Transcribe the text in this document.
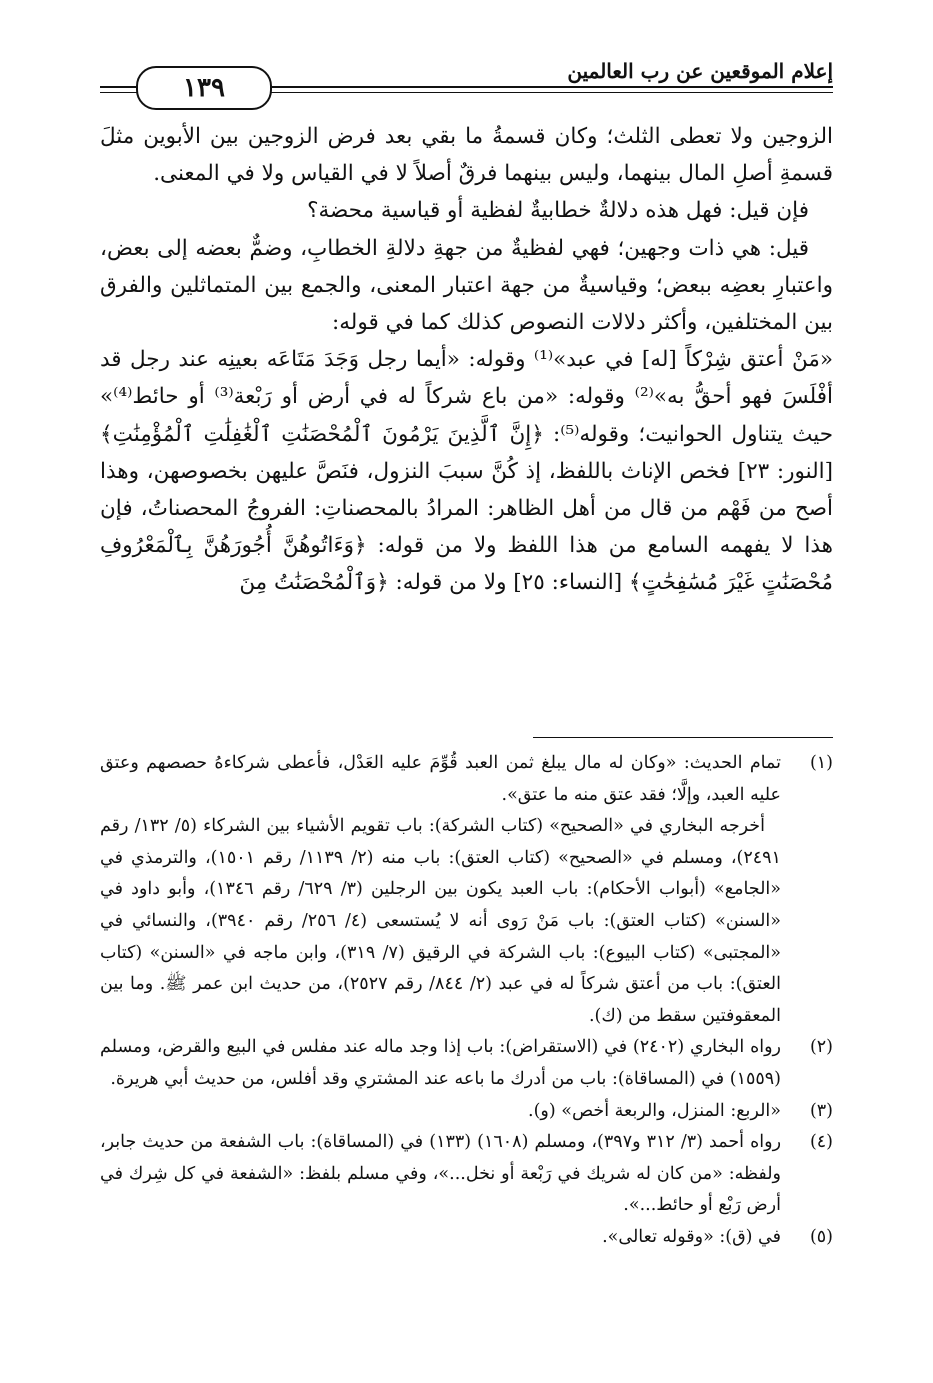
إعلام الموقعين عن رب العالمين
١٣٩

الزوجين ولا تعطى الثلث؛ وكان قسمةُ ما بقي بعد فرض الزوجين بين الأبوين مثلَ قسمةِ أصلِ المال بينهما، وليس بينهما فرقٌ أصلاً لا في القياس ولا في المعنى.

فإن قيل: فهل هذه دلالةٌ خطابيةٌ لفظية أو قياسية محضة؟

قيل: هي ذات وجهين؛ فهي لفظيةٌ من جهةِ دلالةِ الخطابِ، وضمٌّ بعضه إلى بعض، واعتبارِ بعضِه ببعض؛ وقياسيةٌ من جهة اعتبار المعنى، والجمع بين المتماثلين والفرق بين المختلفين، وأكثر دلالات النصوص كذلك كما في قوله:

«مَنْ أعتق شِرْكاً [له] في عبد»⁽¹⁾ وقوله: «أيما رجل وَجَدَ مَتَاعَه بعينِه عند رجل قد أفْلَسَ فهو أحقُّ به»⁽²⁾ وقوله: «من باع شركاً له في أرض أو رَبْعة⁽³⁾ أو حائط⁽⁴⁾» حيث يتناول الحوانيت؛ وقوله⁽⁵⁾: ﴿إِنَّ ٱلَّذِينَ يَرْمُونَ ٱلْمُحْصَنَٰتِ ٱلْغَٰفِلَٰتِ ٱلْمُؤْمِنَٰتِ﴾ [النور: ٢٣] فخص الإناث باللفظ، إذ كُنَّ سببَ النزول، فنَصَّ عليهن بخصوصهن، وهذا أصح من فَهْم من قال من أهل الظاهر: المرادُ بالمحصناتِ: الفروجُ المحصناتُ، فإن هذا لا يفهمه السامع من هذا اللفظ ولا من قوله: ﴿وَءَاتُوهُنَّ أُجُورَهُنَّ بِٱلْمَعْرُوفِ مُحْصَنَٰتٍ غَيْرَ مُسَٰفِحَٰتٍ﴾ [النساء: ٢٥] ولا من قوله: ﴿وَٱلْمُحْصَنَٰتُ مِنَ

(١)

تمام الحديث: «وكان له مال يبلغ ثمن العبد قُوِّمَ عليه العَدْل، فأعطى شركاءهُ حصصهم وعتق عليه العبد، وإلَّا؛ فقد عتق منه ما عتق».

أخرجه البخاري في «الصحيح» (كتاب الشركة): باب تقويم الأشياء بين الشركاء (٥/ ١٣٢/ رقم ٢٤٩١)، ومسلم في «الصحيح» (كتاب العتق): باب منه (٢/ ١١٣٩/ رقم ١٥٠١)، والترمذي في «الجامع» (أبواب الأحكام): باب العبد يكون بين الرجلين (٣/ ٦٢٩/ رقم ١٣٤٦)، وأبو داود في «السنن» (كتاب العتق): باب مَنْ رَوى أنه لا يُستسعى (٤/ ٢٥٦/ رقم ٣٩٤٠)، والنسائي في «المجتبى» (كتاب البيوع): باب الشركة في الرقيق (٧/ ٣١٩)، وابن ماجه في «السنن» (كتاب العتق): باب من أعتق شركاً له في عبد (٢/ ٨٤٤/ رقم ٢٥٢٧)، من حديث ابن عمر ﷺ. وما بين المعقوفتين سقط من (ك).

(٢)

رواه البخاري (٢٤٠٢) في (الاستقراض): باب إذا وجد ماله عند مفلس في البيع والقرض، ومسلم (١٥٥٩) في (المساقاة): باب من أدرك ما باعه عند المشتري وقد أفلس، من حديث أبي هريرة.

(٣)

«الربع: المنزل، والربعة أخص» (و).

(٤)

رواه أحمد (٣/ ٣١٢ و٣٩٧)، ومسلم (١٦٠٨) (١٣٣) في (المساقاة): باب الشفعة من حديث جابر، ولفظه: «من كان له شريك في رَبْعة أو نخل...»، وفي مسلم بلفظ: «الشفعة في كل شِرك في أرض رَبْع أو حائط...».

(٥)

في (ق): «وقوله تعالى».
